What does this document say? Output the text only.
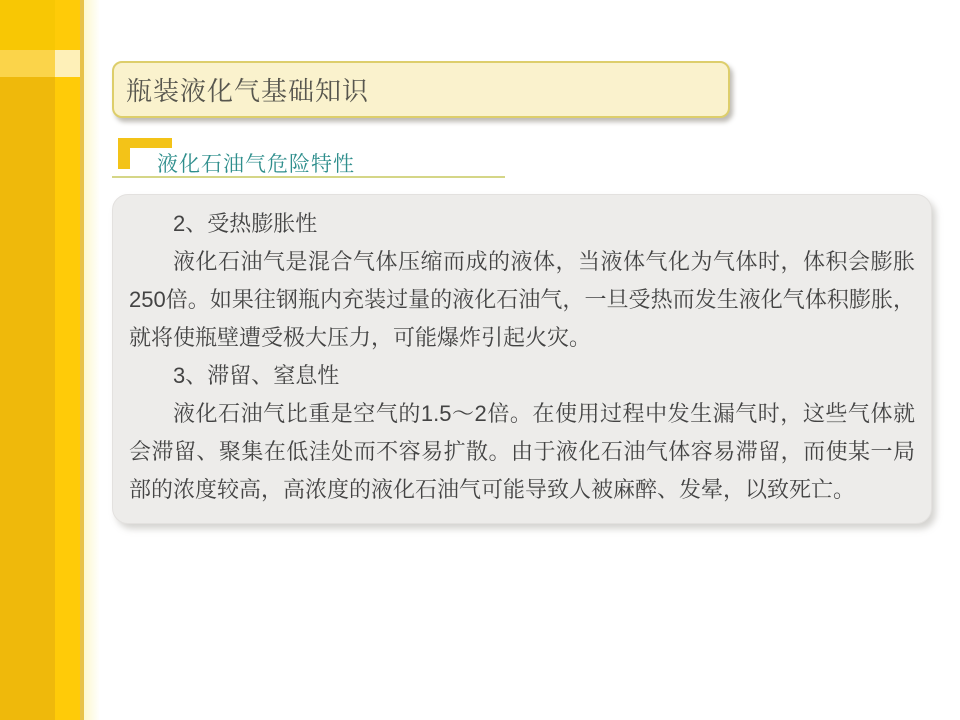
瓶装液化气基础知识
液化石油气危险特性

2、受热膨胀性

液化石油气是混合气体压缩而成的液体，当液体气化为气体时，体积会膨胀250倍。如果往钢瓶内充装过量的液化石油气，一旦受热而发生液化气体积膨胀，就将使瓶壁遭受极大压力，可能爆炸引起火灾。

3、滞留、窒息性

液化石油气比重是空气的1.5～2倍。在使用过程中发生漏气时，这些气体就会滞留、聚集在低洼处而不容易扩散。由于液化石油气体容易滞留，而使某一局部的浓度较高，高浓度的液化石油气可能导致人被麻醉、发晕，以致死亡。
